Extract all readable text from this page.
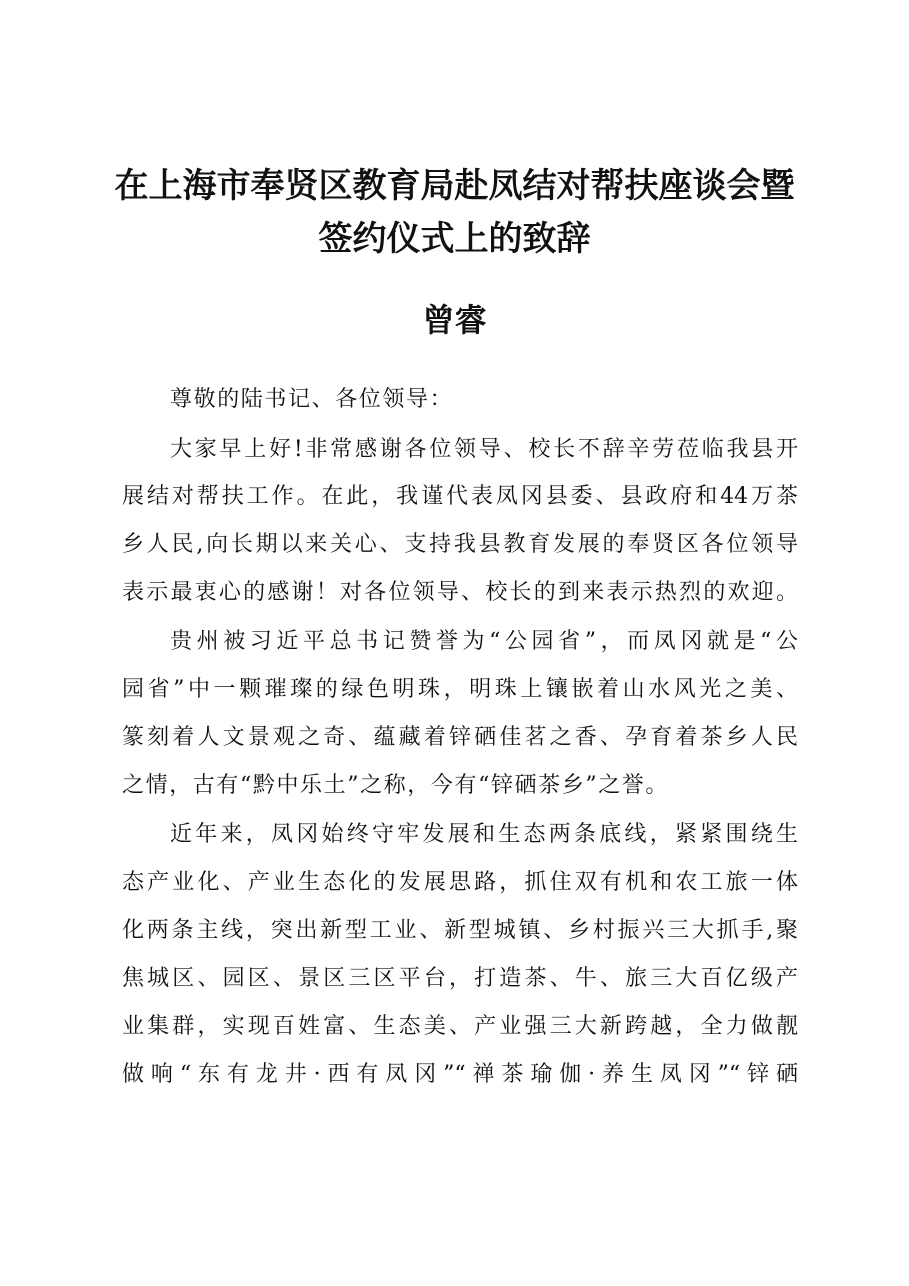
在上海市奉贤区教育局赴凤结对帮扶座谈会暨
签约仪式上的致辞
曾睿
尊敬的陆书记、各位领导：
大家早上好!非常感谢各位领导、校长不辞辛劳莅临我县开
展结对帮扶工作。在此，我谨代表凤冈县委、县政府和44万茶
乡人民,向长期以来关心、支持我县教育发展的奉贤区各位领导
表示最衷心的感谢！对各位领导、校长的到来表示热烈的欢迎。
贵州被习近平总书记赞誉为“公园省”，而凤冈就是“公
园省”中一颗璀璨的绿色明珠，明珠上镶嵌着山水风光之美、
篆刻着人文景观之奇、蕴藏着锌硒佳茗之香、孕育着茶乡人民
之情，古有“黔中乐土”之称，今有“锌硒茶乡”之誉。
近年来，凤冈始终守牢发展和生态两条底线，紧紧围绕生
态产业化、产业生态化的发展思路，抓住双有机和农工旅一体
化两条主线，突出新型工业、新型城镇、乡村振兴三大抓手,聚
焦城区、园区、景区三区平台，打造茶、牛、旅三大百亿级产
业集群，实现百姓富、生态美、产业强三大新跨越，全力做靓
做响“东有龙井·西有凤冈”“禅茶瑜伽·养生凤冈”“锌硒
